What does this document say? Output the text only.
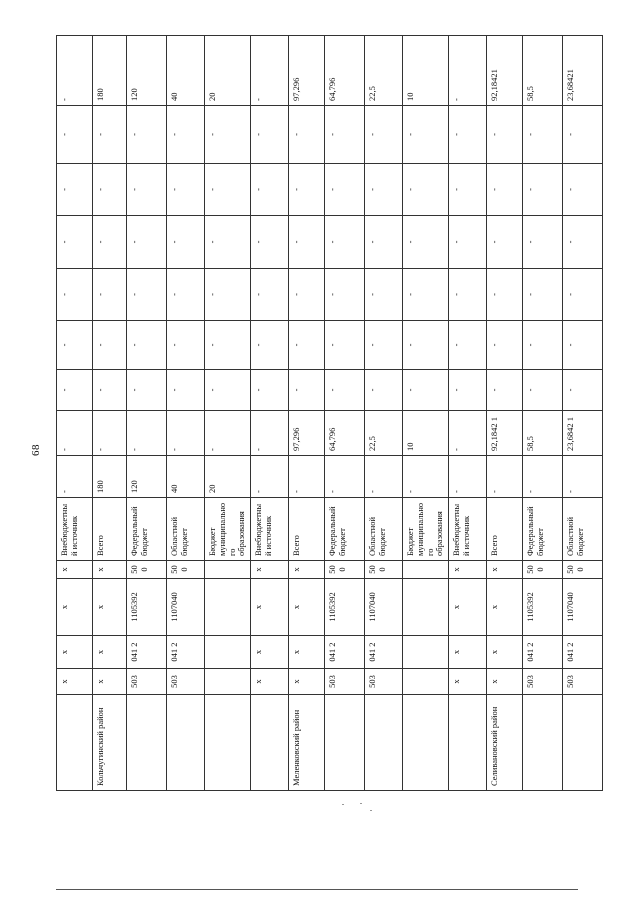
68
	x	x	x	x	Внебюджетный источник	-	-	-	-	-	-	-	-	-
Кольчугинский район	x	x	x	x	Всего	180	-	-	-	-	-	-	-	180
	503	041 2	1105392	50 0	Федеральный бюджет	120	-	-	-	-	-	-	-	120
	503	041 2	1107040	50 0	Областной бюджет	40	-	-	-	-	-	-	-	40
					Бюджет муниципального образования	20	-	-	-	-	-	-	-	20
	x	x	x	x	Внебюджетный источник	-	-	-	-	-	-	-	-	-
Меленковский район	x	x	x	x	Всего	-	97,296	-	-	-	-	-	-	97,296
	503	041 2	1105392	50 0	Федеральный бюджет	-	64,796	-	-	-	-	-	-	64,796
	503	041 2	1107040	50 0	Областной бюджет	-	22,5	-	-	-	-	-	-	22,5
					Бюджет муниципального образования	-	10	-	-	-	-	-	-	10
	x	x	x	x	Внебюджетный источник	-	-	-	-	-	-	-	-	-
Селивановский район	x	x	x	x	Всего	-	92,1842 1	-	-	-	-	-	-	92,18421
	503	041 2	1105392	50 0	Федеральный бюджет	-	58,5	-	-	-	-	-	-	58,5
	503	041 2	1107040	50 0	Областной бюджет	-	23,6842 1	-	-	-	-	-	-	23,68421
